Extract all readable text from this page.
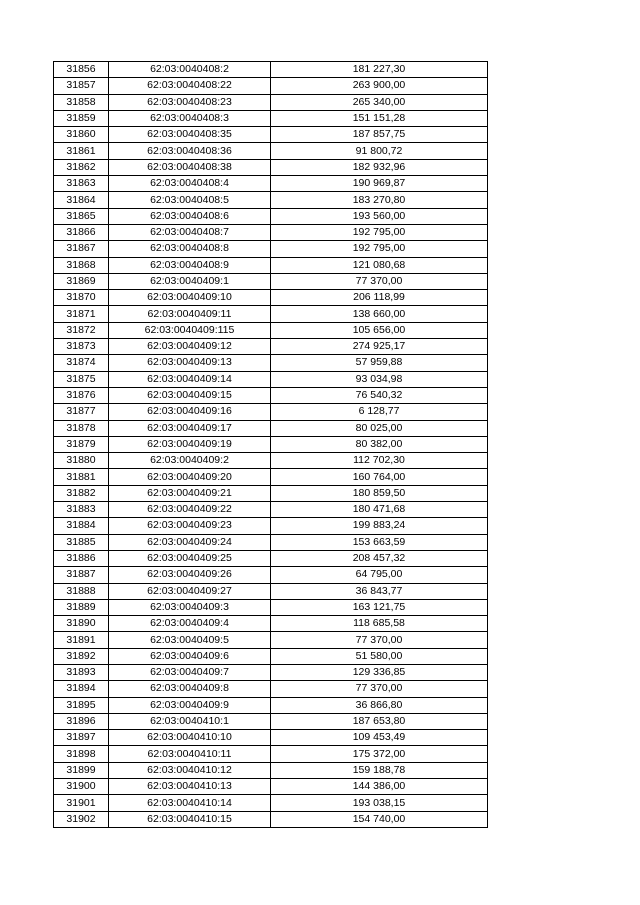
31856	62:03:0040408:2	181 227,30
31857	62:03:0040408:22	263 900,00
31858	62:03:0040408:23	265 340,00
31859	62:03:0040408:3	151 151,28
31860	62:03:0040408:35	187 857,75
31861	62:03:0040408:36	91 800,72
31862	62:03:0040408:38	182 932,96
31863	62:03:0040408:4	190 969,87
31864	62:03:0040408:5	183 270,80
31865	62:03:0040408:6	193 560,00
31866	62:03:0040408:7	192 795,00
31867	62:03:0040408:8	192 795,00
31868	62:03:0040408:9	121 080,68
31869	62:03:0040409:1	77 370,00
31870	62:03:0040409:10	206 118,99
31871	62:03:0040409:11	138 660,00
31872	62:03:0040409:115	105 656,00
31873	62:03:0040409:12	274 925,17
31874	62:03:0040409:13	57 959,88
31875	62:03:0040409:14	93 034,98
31876	62:03:0040409:15	76 540,32
31877	62:03:0040409:16	6 128,77
31878	62:03:0040409:17	80 025,00
31879	62:03:0040409:19	80 382,00
31880	62:03:0040409:2	112 702,30
31881	62:03:0040409:20	160 764,00
31882	62:03:0040409:21	180 859,50
31883	62:03:0040409:22	180 471,68
31884	62:03:0040409:23	199 883,24
31885	62:03:0040409:24	153 663,59
31886	62:03:0040409:25	208 457,32
31887	62:03:0040409:26	64 795,00
31888	62:03:0040409:27	36 843,77
31889	62:03:0040409:3	163 121,75
31890	62:03:0040409:4	118 685,58
31891	62:03:0040409:5	77 370,00
31892	62:03:0040409:6	51 580,00
31893	62:03:0040409:7	129 336,85
31894	62:03:0040409:8	77 370,00
31895	62:03:0040409:9	36 866,80
31896	62:03:0040410:1	187 653,80
31897	62:03:0040410:10	109 453,49
31898	62:03:0040410:11	175 372,00
31899	62:03:0040410:12	159 188,78
31900	62:03:0040410:13	144 386,00
31901	62:03:0040410:14	193 038,15
31902	62:03:0040410:15	154 740,00
